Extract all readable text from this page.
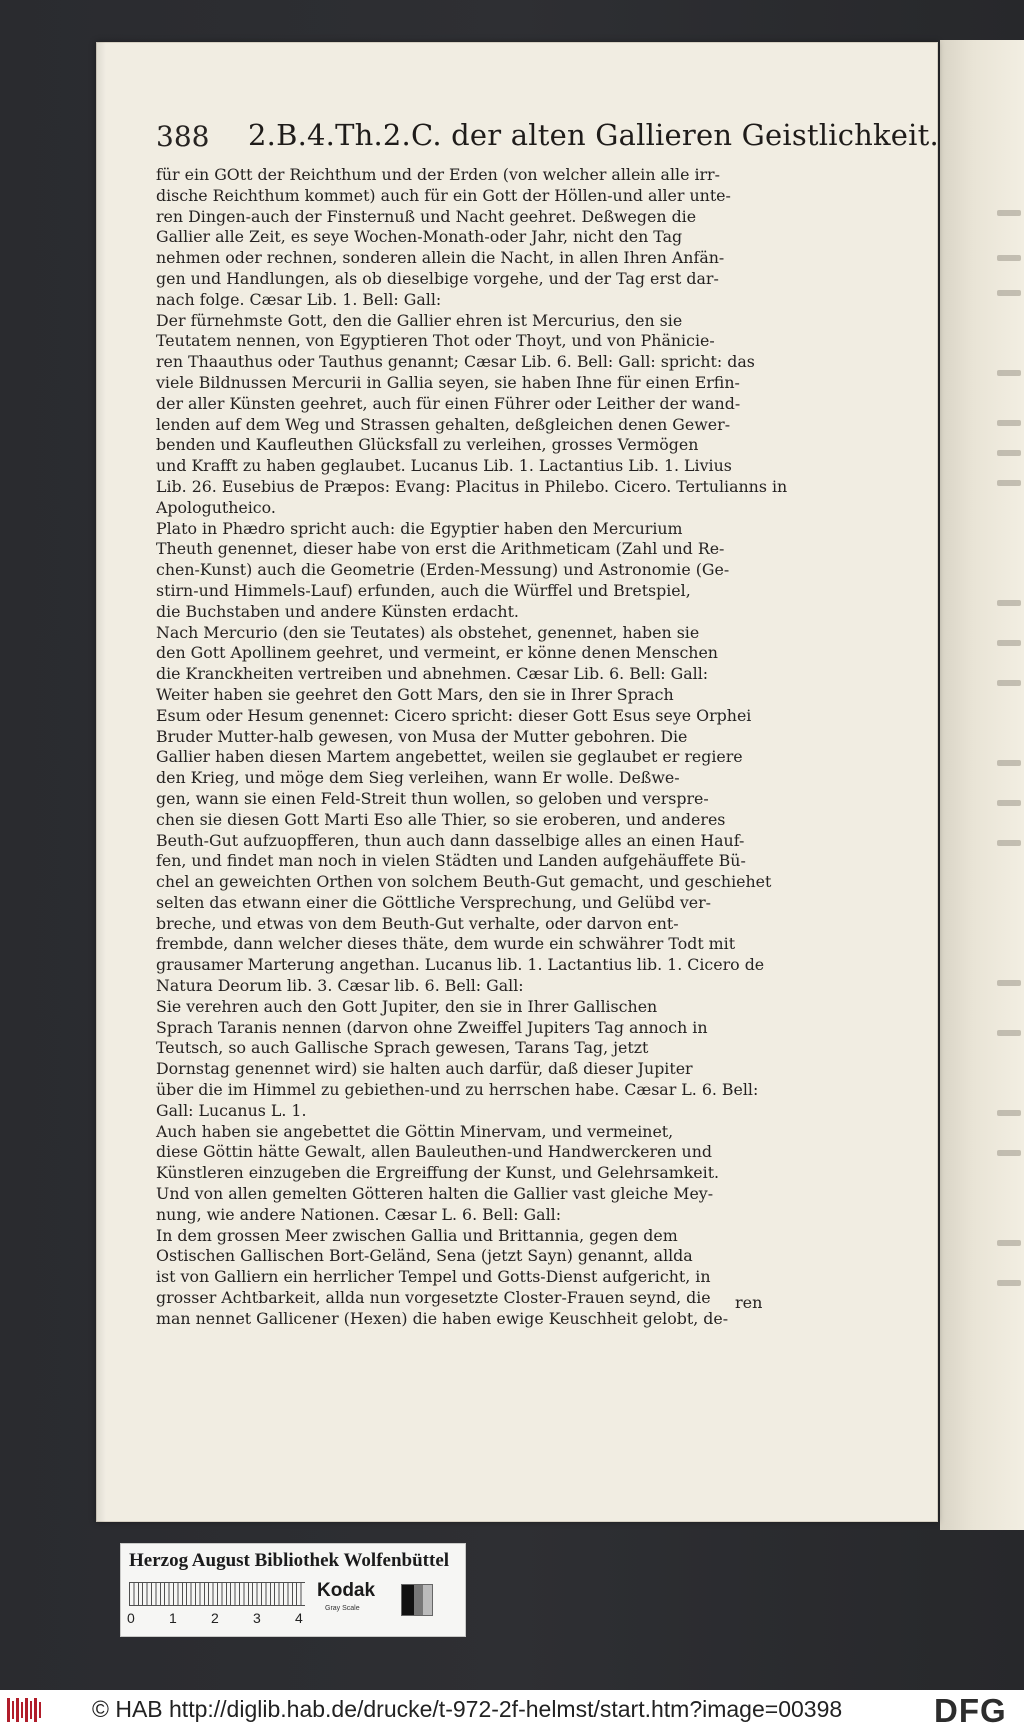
388 2.B.4.Th.2.C. der alten Gallieren Geistlichkeit.
für ein GOtt der Reichthum und der Erden (von welcher allein alle irr-
dische Reichthum kommet) auch für ein Gott der Höllen-und aller unte-
ren Dingen-auch der Finsternuß und Nacht geehret. Deßwegen die
Gallier alle Zeit, es seye Wochen-Monath-oder Jahr, nicht den Tag
nehmen oder rechnen, sonderen allein die Nacht, in allen Ihren Anfän-
gen und Handlungen, als ob dieselbige vorgehe, und der Tag erst dar-
nach folge. Cæsar Lib. 1. Bell: Gall:
Der fürnehmste Gott, den die Gallier ehren ist Mercurius, den sie
Teutatem nennen, von Egyptieren Thot oder Thoyt, und von Phänicie-
ren Thaauthus oder Tauthus genannt; Cæsar Lib. 6. Bell: Gall: spricht: das
viele Bildnussen Mercurii in Gallia seyen, sie haben Ihne für einen Erfin-
der aller Künsten geehret, auch für einen Führer oder Leither der wand-
lenden auf dem Weg und Strassen gehalten, deßgleichen denen Gewer-
benden und Kaufleuthen Glücksfall zu verleihen, grosses Vermögen
und Krafft zu haben geglaubet. Lucanus Lib. 1. Lactantius Lib. 1. Livius
Lib. 26. Eusebius de Præpos: Evang: Placitus in Philebo. Cicero. Tertulianns in
Apologutheico.
Plato in Phædro spricht auch: die Egyptier haben den Mercurium
Theuth genennet, dieser habe von erst die Arithmeticam (Zahl und Re-
chen-Kunst) auch die Geometrie (Erden-Messung) und Astronomie (Ge-
stirn-und Himmels-Lauf) erfunden, auch die Würffel und Bretspiel,
die Buchstaben und andere Künsten erdacht.
Nach Mercurio (den sie Teutates) als obstehet, genennet, haben sie
den Gott Apollinem geehret, und vermeint, er könne denen Menschen
die Kranckheiten vertreiben und abnehmen. Cæsar Lib. 6. Bell: Gall:
Weiter haben sie geehret den Gott Mars, den sie in Ihrer Sprach
Esum oder Hesum genennet: Cicero spricht: dieser Gott Esus seye Orphei
Bruder Mutter-halb gewesen, von Musa der Mutter gebohren. Die
Gallier haben diesen Martem angebettet, weilen sie geglaubet er regiere
den Krieg, und möge dem Sieg verleihen, wann Er wolle. Deßwe-
gen, wann sie einen Feld-Streit thun wollen, so geloben und verspre-
chen sie diesen Gott Marti Eso alle Thier, so sie eroberen, und anderes
Beuth-Gut aufzuopfferen, thun auch dann dasselbige alles an einen Hauf-
fen, und findet man noch in vielen Städten und Landen aufgehäuffete Bü-
chel an geweichten Orthen von solchem Beuth-Gut gemacht, und geschiehet
selten das etwann einer die Göttliche Versprechung, und Gelübd ver-
breche, und etwas von dem Beuth-Gut verhalte, oder darvon ent-
frembde, dann welcher dieses thäte, dem wurde ein schwährer Todt mit
grausamer Marterung angethan. Lucanus lib. 1. Lactantius lib. 1. Cicero de
Natura Deorum lib. 3. Cæsar lib. 6. Bell: Gall:
Sie verehren auch den Gott Jupiter, den sie in Ihrer Gallischen
Sprach Taranis nennen (darvon ohne Zweiffel Jupiters Tag annoch in
Teutsch, so auch Gallische Sprach gewesen, Tarans Tag, jetzt
Dornstag genennet wird) sie halten auch darfür, daß dieser Jupiter
über die im Himmel zu gebiethen-und zu herrschen habe. Cæsar L. 6. Bell:
Gall: Lucanus L. 1.
Auch haben sie angebettet die Göttin Minervam, und vermeinet,
diese Göttin hätte Gewalt, allen Bauleuthen-und Handwerckeren und
Künstleren einzugeben die Ergreiffung der Kunst, und Gelehrsamkeit.
Und von allen gemelten Götteren halten die Gallier vast gleiche Mey-
nung, wie andere Nationen. Cæsar L. 6. Bell: Gall:
In dem grossen Meer zwischen Gallia und Brittannia, gegen dem
Ostischen Gallischen Bort-Geländ, Sena (jetzt Sayn) genannt, allda
ist von Galliern ein herrlicher Tempel und Gotts-Dienst aufgericht, in
grosser Achtbarkeit, allda nun vorgesetzte Closter-Frauen seynd, die
man nennet Gallicener (Hexen) die haben ewige Keuschheit gelobt, de-
ren
Herzog August Bibliothek Wolfenbüttel
0 1 2 3 4
Kodak
Gray Scale
© HAB http://diglib.hab.de/drucke/t-972-2f-helmst/start.htm?image=00398	DFG
